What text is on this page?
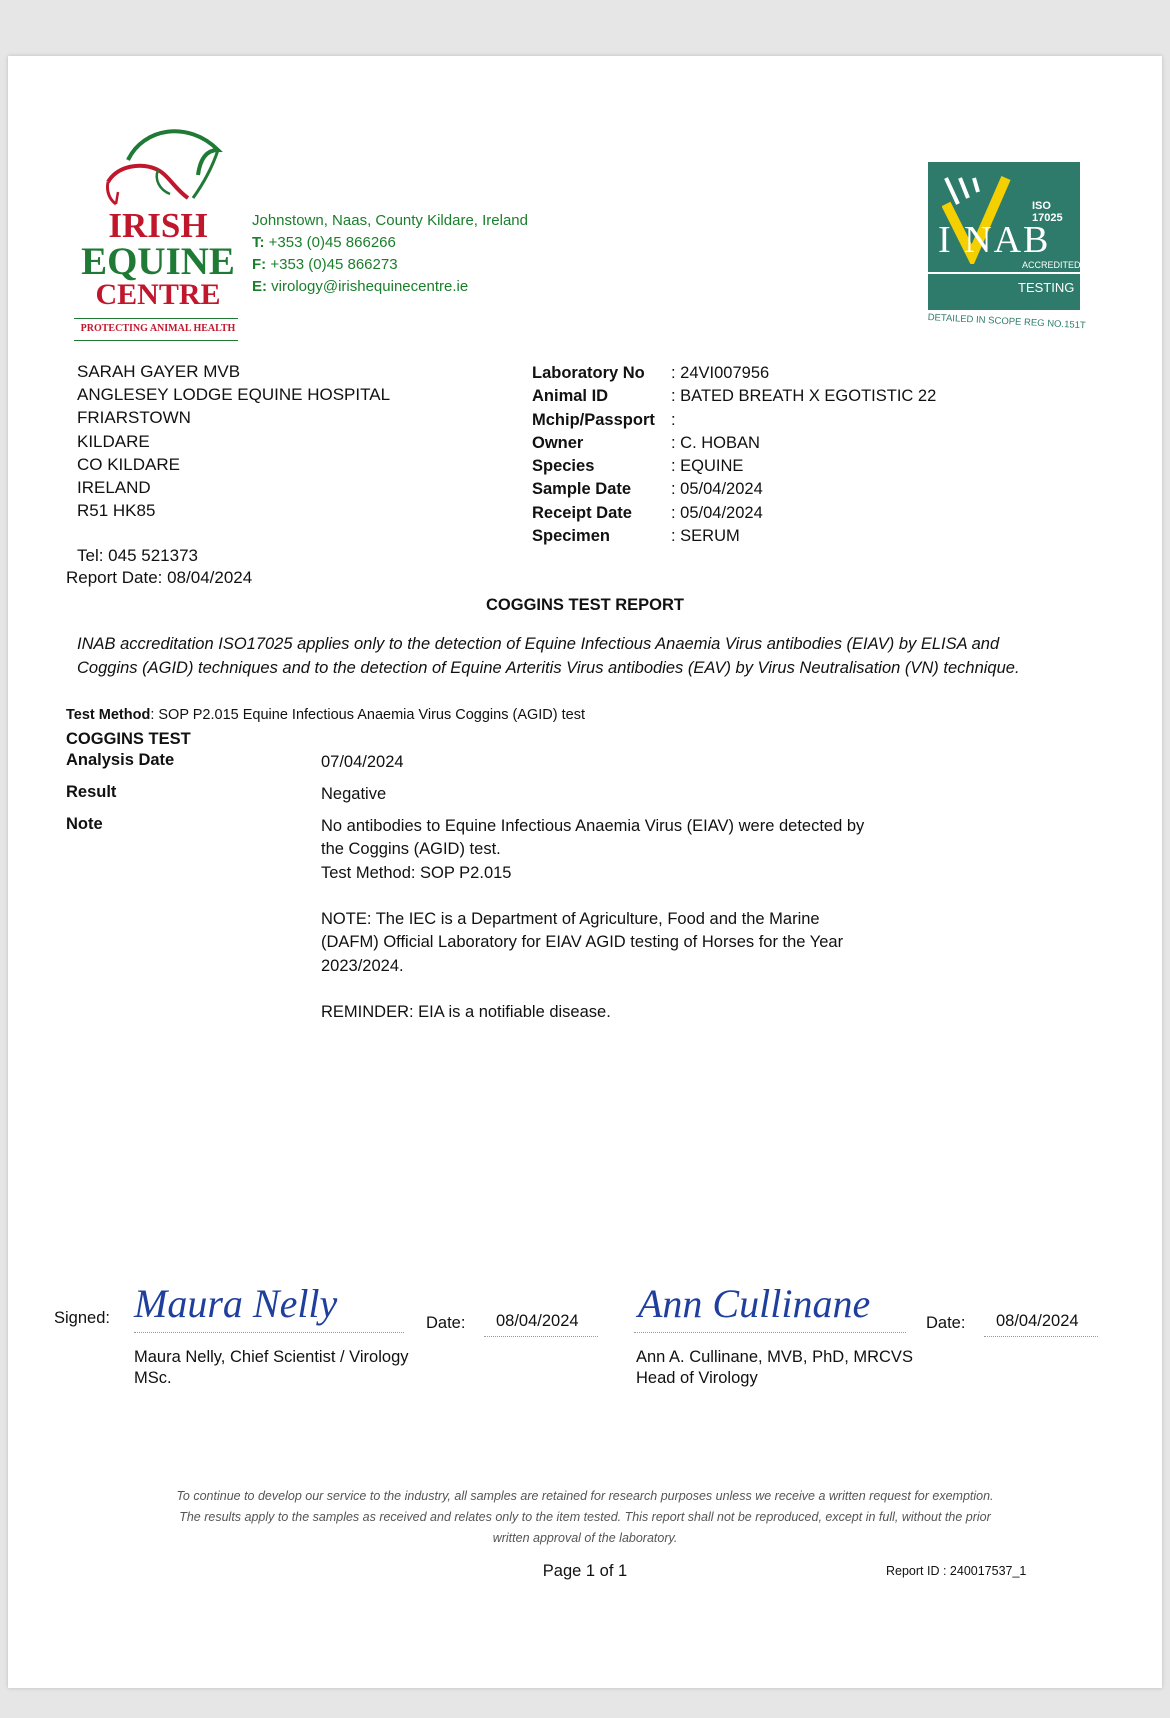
IRISH
EQUINE
CENTRE
PROTECTING ANIMAL HEALTH
Johnstown, Naas, County Kildare, Ireland
T: +353 (0)45 866266
F: +353 (0)45 866273
E: virology@irishequinecentre.ie
ISO 17025
I NAB
ACCREDITED
TESTING
DETAILED IN SCOPE REG NO.151T
SARAH GAYER MVB
ANGLESEY LODGE EQUINE HOSPITAL
FRIARSTOWN
KILDARE
CO KILDARE
IRELAND
R51 HK85
Tel: 045 521373
Report Date: 08/04/2024
Laboratory No	: 24VI007956
Animal ID	: BATED BREATH X EGOTISTIC 22
Mchip/Passport :
Owner	: C. HOBAN
Species	: EQUINE
Sample Date	: 05/04/2024
Receipt Date	: 05/04/2024
Specimen	: SERUM
COGGINS TEST REPORT
INAB accreditation ISO17025 applies only to the detection of Equine Infectious Anaemia Virus antibodies (EIAV) by ELISA and Coggins (AGID) techniques and to the detection of Equine Arteritis Virus antibodies (EAV) by Virus Neutralisation (VN) technique.
Test Method: SOP P2.015 Equine Infectious Anaemia Virus Coggins (AGID) test
COGGINS TEST
Analysis Date	07/04/2024
Result	Negative
Note	No antibodies to Equine Infectious Anaemia Virus (EIAV) were detected by
the Coggins (AGID) test.
Test Method: SOP P2.015

NOTE: The IEC is a Department of Agriculture, Food and the Marine (DAFM) Official Laboratory for EIAV AGID testing of Horses for the Year 2023/2024.

REMINDER: EIA is a notifiable disease.

Signed: Maura Nelly	Date: 08/04/2024
Maura Nelly, Chief Scientist / Virology
MSc.
Ann Cullinane	Date: 08/04/2024
Ann A. Cullinane, MVB, PhD, MRCVS
Head of Virology
To continue to develop our service to the industry, all samples are retained for research purposes unless we receive a written request for exemption.
The results apply to the samples as received and relates only to the item tested. This report shall not be reproduced, except in full, without the prior
written approval of the laboratory.
Page 1 of 1	Report ID : 240017537_1
